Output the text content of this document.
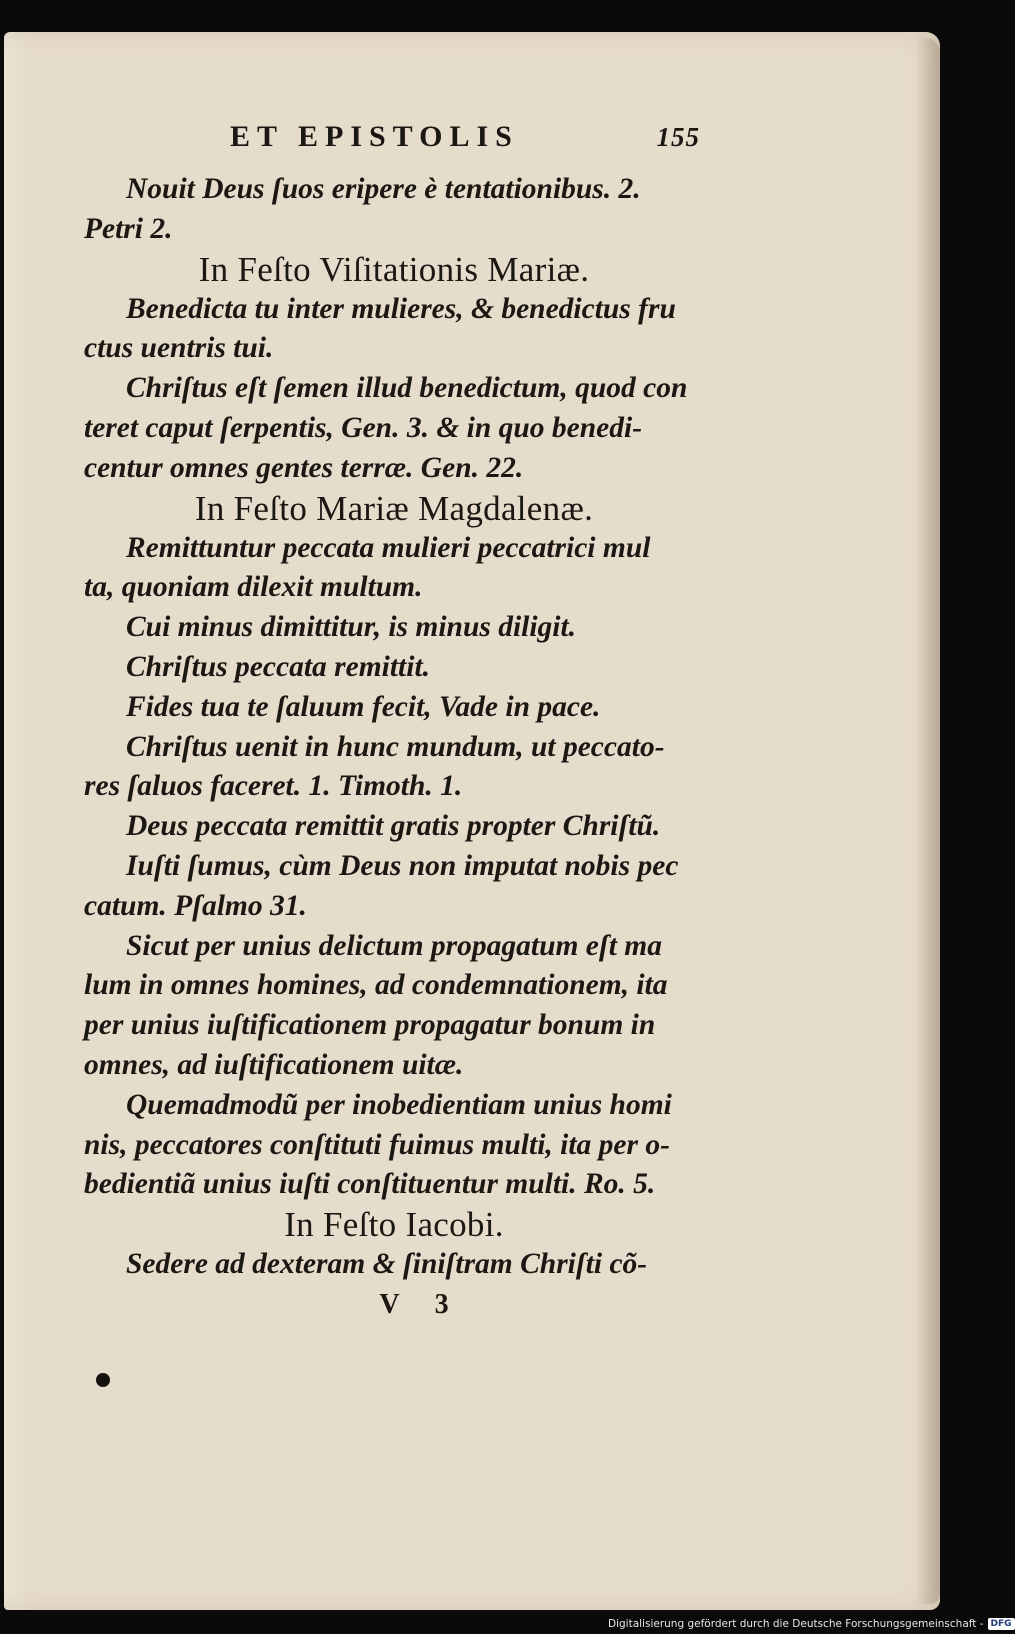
ET EPISTOLIS	155
Nouit Deus ſuos eripere è tentationibus. 2.
Petri 2.
In Feſto Viſitationis Mariæ.
Benedicta tu inter mulieres, & benedictus fru
ctus uentris tui.
Chriſtus eſt ſemen illud benedictum, quod con
teret caput ſerpentis, Gen. 3. & in quo benedi-
centur omnes gentes terræ. Gen. 22.
In Feſto Mariæ Magdalenæ.
Remittuntur peccata mulieri peccatrici mul
ta, quoniam dilexit multum.
Cui minus dimittitur, is minus diligit.
Chriſtus peccata remittit.
Fides tua te ſaluum fecit, Vade in pace.
Chriſtus uenit in hunc mundum, ut peccato-
res ſaluos faceret. 1. Timoth. 1.
Deus peccata remittit gratis propter Chriſtũ.
Iuſti ſumus, cùm Deus non imputat nobis pec
catum. Pſalmo 31.
Sicut per unius delictum propagatum eſt ma
lum in omnes homines, ad condemnationem, ita
per unius iuſtificationem propagatur bonum in
omnes, ad iuſtificationem uitæ.
Quemadmodũ per inobedientiam unius homi
nis, peccatores conſtituti fuimus multi, ita per o-
bedientiã unius iuſti conſtituentur multi. Ro. 5.
In Feſto Iacobi.
Sedere ad dexteram & ſiniſtram Chriſti cõ-
V 3
Digitalisierung gefördert durch die Deutsche Forschungsgemeinschaft - DFG
